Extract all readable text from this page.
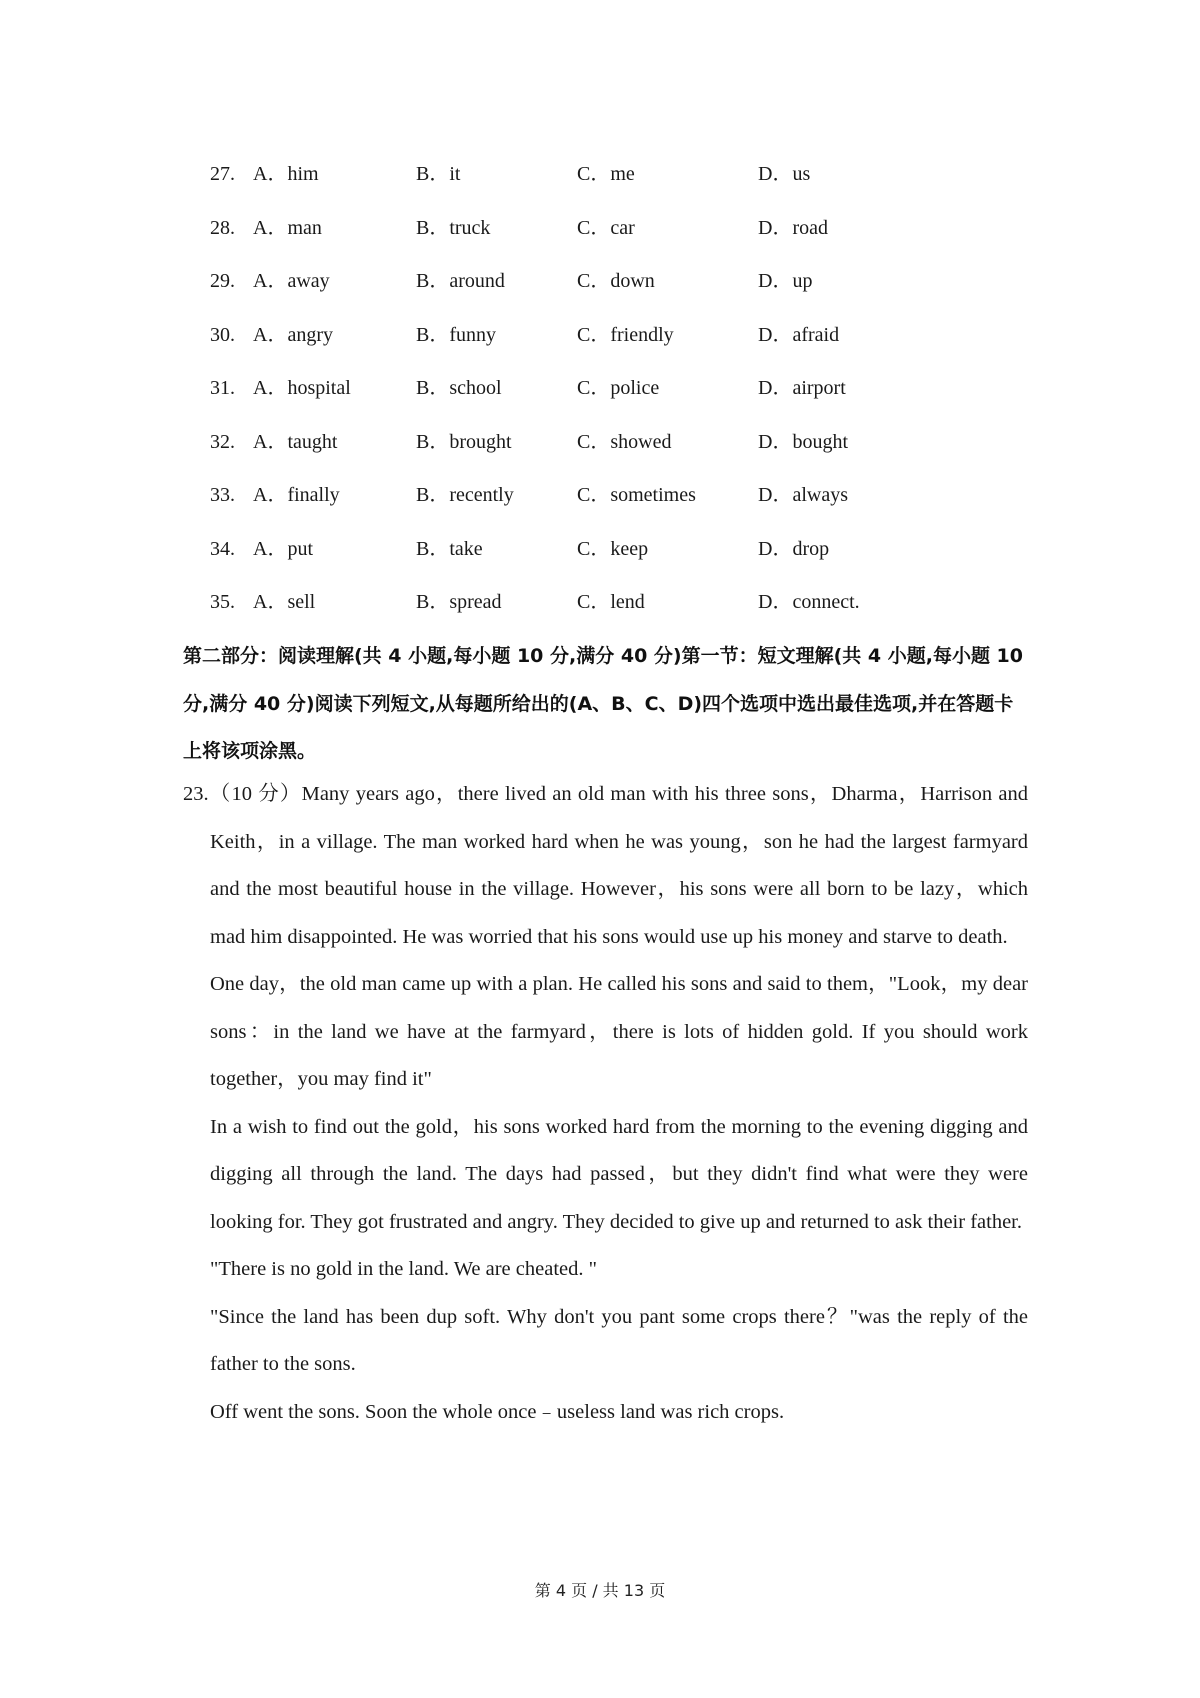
27. A．him	B．it	C．me	D．us
28. A．man	B．truck	C．car	D．road
29. A．away	B．around	C．down	D．up
30. A．angry	B．funny	C．friendly	D．afraid
31. A．hospital	B．school	C．police	D．airport
32. A．taught	B．brought	C．showed	D．bought
33. A．finally	B．recently	C．sometimes	D．always
34. A．put	B．take	C．keep	D．drop
35. A．sell	B．spread	C．lend	D．connect.
第二部分：阅读理解(共 4 小题,每小题 10 分,满分 40 分)第一节：短文理解(共 4 小题,每小题 10 分,满分 40 分)阅读下列短文,从每题所给出的(A、B、C、D)四个选项中选出最佳选项,并在答题卡上将该项涂黑。

23.（10 分）Many years ago，there lived an old man with his three sons，Dharma，Harrison and Keith，in a village. The man worked hard when he was young，son he had the largest farmyard and the most beautiful house in the village. However，his sons were all born to be lazy，which mad him disappointed. He was worried that his sons would use up his money and starve to death.

One day，the old man came up with a plan. He called his sons and said to them，"Look，my dear sons：in the land we have at the farmyard，there is lots of hidden gold. If you should work together，you may find it"

In a wish to find out the gold，his sons worked hard from the morning to the evening digging and digging all through the land. The days had passed，but they didn't find what were they were looking for. They got frustrated and angry. They decided to give up and returned to ask their father.

"There is no gold in the land. We are cheated. "

"Since the land has been dup soft. Why don't you pant some crops there？"was the reply of the father to the sons.

Off went the sons. Soon the whole once﹣useless land was rich crops.

第 4 页 / 共 13 页
